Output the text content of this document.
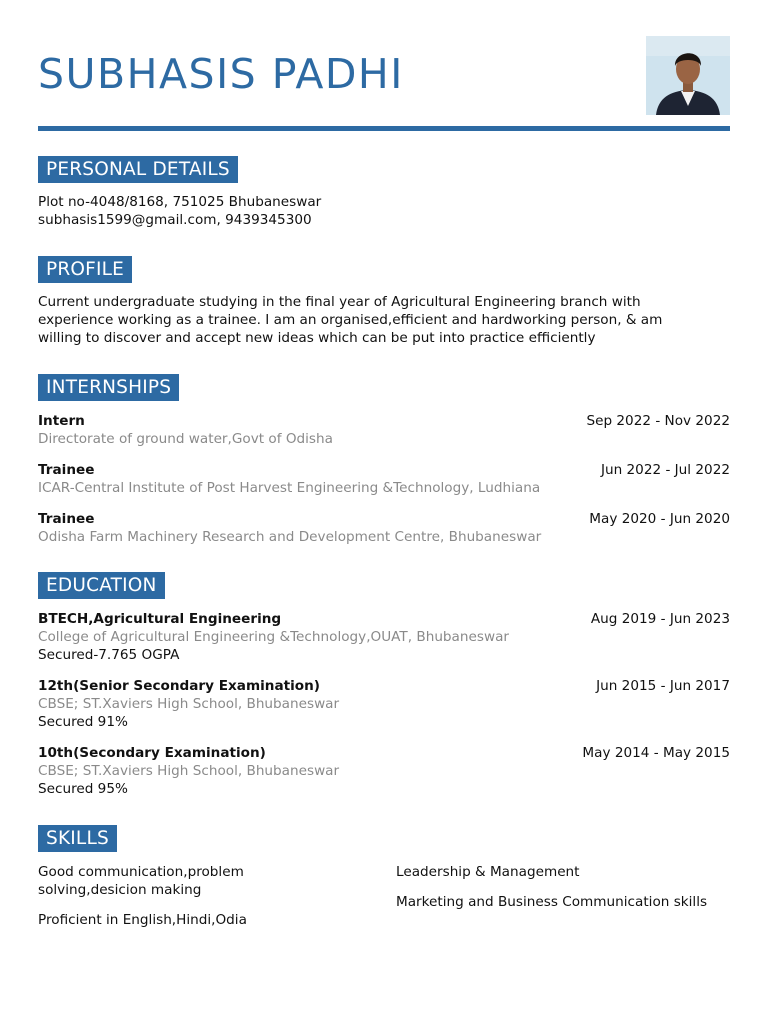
SUBHASIS PADHI
PERSONAL DETAILS
Plot no-4048/8168, 751025 Bhubaneswar
subhasis1599@gmail.com, 9439345300
PROFILE
Current undergraduate studying in the final year of Agricultural Engineering branch with experience working as a trainee. I am an organised,efficient and hardworking person, & am willing to discover and accept new ideas which can be put into practice efficiently
INTERNSHIPS
Intern
Directorate of ground water,Govt of Odisha
Sep 2022 - Nov 2022
Trainee
ICAR-Central Institute of Post Harvest Engineering &Technology, Ludhiana
Jun 2022 - Jul 2022
Trainee
Odisha Farm Machinery Research and Development Centre, Bhubaneswar
May 2020 - Jun 2020
EDUCATION
BTECH,Agricultural Engineering
College of Agricultural Engineering &Technology,OUAT, Bhubaneswar
Secured-7.765 OGPA
Aug 2019 - Jun 2023
12th(Senior Secondary Examination)
CBSE; ST.Xaviers High School, Bhubaneswar
Secured 91%
Jun 2015 - Jun 2017
10th(Secondary Examination)
CBSE; ST.Xaviers High School, Bhubaneswar
Secured 95%
May 2014 - May 2015
SKILLS
Good communication,problem solving,desicion making
Proficient in English,Hindi,Odia
Leadership & Management
Marketing and Business Communication skills
